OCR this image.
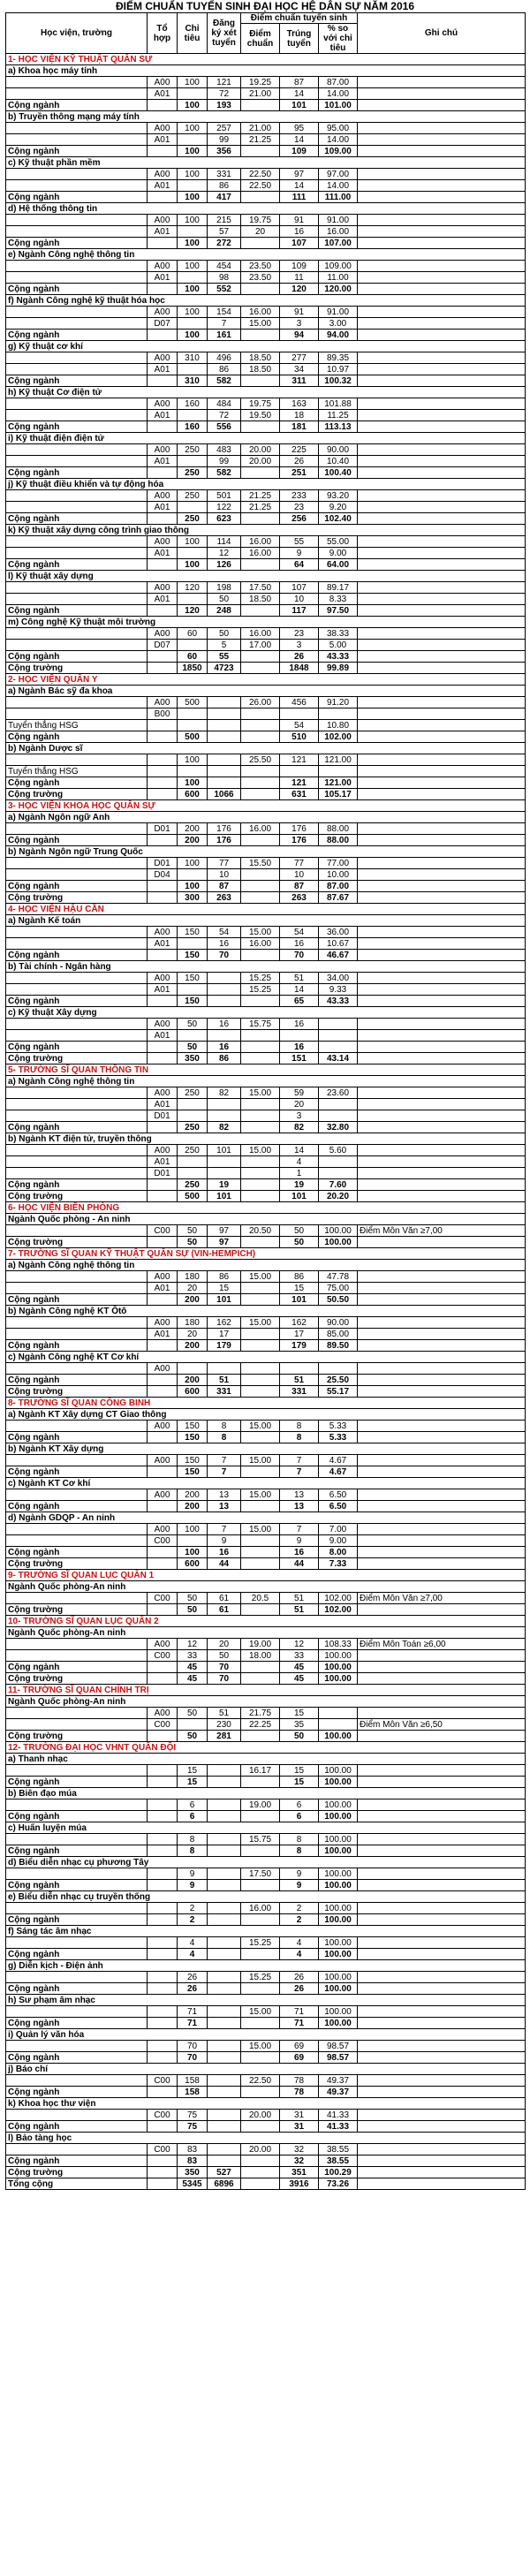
ĐIỂM CHUẨN TUYỂN SINH ĐẠI HỌC HỆ DÂN SỰ NĂM 2016
Học viện, trường	Tổ hợp	Chỉ tiêu	Đăng ký xét tuyển	Điểm chuẩn tuyển sinh			Ghi chú
				Điểm chuẩn	Trúng tuyển	% so với chỉ tiêu	
1- HỌC VIỆN KỸ THUẬT QUÂN SỰ							
a) Khoa học máy tính							
	A00	100	121	19.25	87	87.00	
	A01		72	21.00	14	14.00	
Cộng ngành		100	193		101	101.00	
b) Truyền thông mạng máy tính							
	A00	100	257	21.00	95	95.00	
	A01		99	21.25	14	14.00	
Cộng ngành		100	356		109	109.00	
c) Kỹ thuật phần mềm							
	A00	100	331	22.50	97	97.00	
	A01		86	22.50	14	14.00	
Cộng ngành		100	417		111	111.00	
d) Hệ thống thông tin							
	A00	100	215	19.75	91	91.00	
	A01		57	20	16	16.00	
Cộng ngành		100	272		107	107.00	
e) Ngành Công nghệ thông tin							
	A00	100	454	23.50	109	109.00	
	A01		98	23.50	11	11.00	
Cộng ngành		100	552		120	120.00	
f) Ngành Công nghệ kỹ thuật hóa học							
	A00	100	154	16.00	91	91.00	
	D07		7	15.00	3	3.00	
Cộng ngành		100	161		94	94.00	
g) Kỹ thuật cơ khí							
	A00	310	496	18.50	277	89.35	
	A01		86	18.50	34	10.97	
Cộng ngành		310	582		311	100.32	
h) Kỹ thuật Cơ điện tử							
	A00	160	484	19.75	163	101.88	
	A01		72	19.50	18	11.25	
Cộng ngành		160	556		181	113.13	
i) Kỹ thuật điện điện tử							
	A00	250	483	20.00	225	90.00	
	A01		99	20.00	26	10.40	
Cộng ngành		250	582		251	100.40	
j) Kỹ thuật điều khiển và tự động hóa							
	A00	250	501	21.25	233	93.20	
	A01		122	21.25	23	9.20	
Cộng ngành		250	623		256	102.40	
k) Kỹ thuật xây dựng công trình giao thông							
	A00	100	114	16.00	55	55.00	
	A01		12	16.00	9	9.00	
Cộng ngành		100	126		64	64.00	
l) Kỹ thuật xây dựng							
	A00	120	198	17.50	107	89.17	
	A01		50	18.50	10	8.33	
Cộng ngành		120	248		117	97.50	
m) Công nghệ Kỹ thuật môi trường							
	A00	60	50	16.00	23	38.33	
	D07		5	17.00	3	5.00	
Cộng ngành		60	55		26	43.33	
Cộng trường		1850	4723		1848	99.89	
2- HỌC VIỆN QUÂN Y							
a) Ngành Bác sỹ đa khoa							
	A00	500		26.00	456	91.20	
	B00						
Tuyển thẳng HSG					54	10.80	
Cộng ngành		500			510	102.00	
b) Ngành Dược sĩ							
		100		25.50	121	121.00	
Tuyển thẳng HSG							
Cộng ngành		100			121	121.00	
Cộng trường		600	1066		631	105.17	
3- HỌC VIỆN KHOA HỌC QUÂN SỰ							
a) Ngành Ngôn ngữ Anh							
	D01	200	176	16.00	176	88.00	
Cộng ngành		200	176		176	88.00	
b) Ngành Ngôn ngữ Trung Quốc							
	D01	100	77	15.50	77	77.00	
	D04		10		10	10.00	
Cộng ngành		100	87		87	87.00	
Cộng trường		300	263		263	87.67	
4- HỌC VIỆN HẬU CẦN							
a) Ngành Kế toán							
	A00	150	54	15.00	54	36.00	
	A01		16	16.00	16	10.67	
Cộng ngành		150	70		70	46.67	
b) Tài chính - Ngân hàng							
	A00	150		15.25	51	34.00	
	A01			15.25	14	9.33	
Cộng ngành		150			65	43.33	
c) Kỹ thuật Xây dựng							
	A00	50	16	15.75	16		
	A01						
Cộng ngành		50	16		16		
Cộng trường		350	86		151	43.14	
5- TRƯỜNG SĨ QUAN THÔNG TIN							
a) Ngành Công nghệ thông tin							
	A00	250	82	15.00	59	23.60	
	A01				20		
	D01				3		
Cộng ngành		250	82		82	32.80	
b) Ngành KT điện tử, truyền thông							
	A00	250	101	15.00	14	5.60	
	A01				4		
	D01				1		
Cộng ngành		250	19		19	7.60	
Cộng trường		500	101		101	20.20	
6- HỌC VIỆN BIÊN PHÒNG							
Ngành Quốc phòng - An ninh							
	C00	50	97	20.50	50	100.00	Điểm Môn Văn ≥7,00
Cộng trường		50	97		50	100.00	
7- TRƯỜNG SĨ QUAN KỸ THUẬT QUÂN SỰ (VIN-HEMPICH)							
a) Ngành Công nghệ thông tin							
	A00	180	86	15.00	86	47.78	
	A01	20	15		15	75.00	
Cộng ngành		200	101		101	50.50	
b) Ngành Công nghệ KT Ôtô							
	A00	180	162	15.00	162	90.00	
	A01	20	17		17	85.00	
Cộng ngành		200	179		179	89.50	
c) Ngành Công nghệ KT Cơ khí							
	A00						
Cộng ngành		200	51		51	25.50	
Cộng trường		600	331		331	55.17	
8- TRƯỜNG SĨ QUAN CÔNG BINH							
a) Ngành KT Xây dựng CT Giao thông							
	A00	150	8	15.00	8	5.33	
Cộng ngành		150	8		8	5.33	
b) Ngành KT Xây dựng							
	A00	150	7	15.00	7	4.67	
Cộng ngành		150	7		7	4.67	
c) Ngành KT Cơ khí							
	A00	200	13	15.00	13	6.50	
Cộng ngành		200	13		13	6.50	
d) Ngành GDQP - An ninh							
	A00	100	7	15.00	7	7.00	
	C00		9		9	9.00	
Cộng ngành		100	16		16	8.00	
Cộng trường		600	44		44	7.33	
9- TRƯỜNG SĨ QUAN LỤC QUÂN 1							
Ngành Quốc phòng-An ninh							
	C00	50	61	20.5	51	102.00	Điểm Môn Văn ≥7,00
Cộng trường		50	61		51	102.00	
10- TRƯỜNG SĨ QUAN LỤC QUÂN 2							
Ngành Quốc phòng-An ninh							
	A00	12	20	19.00	12	108.33	Điểm Môn Toán ≥6,00
	C00	33	50	18.00	33	100.00	
Cộng ngành		45	70		45	100.00	
Cộng trường		45	70		45	100.00	
11- TRƯỜNG SĨ QUAN CHÍNH TRỊ							
Ngành Quốc phòng-An ninh							
	A00	50	51	21.75	15		
	C00		230	22.25	35		Điểm Môn Văn ≥6,50
Cộng trường		50	281		50	100.00	
12- TRƯỜNG ĐẠI HỌC VHNT QUÂN ĐỘI							
a) Thanh nhạc							
		15		16.17	15	100.00	
Cộng ngành		15			15	100.00	
b) Biên đạo múa							
		6		19.00	6	100.00	
Cộng ngành		6			6	100.00	
c) Huấn luyện múa							
		8		15.75	8	100.00	
Cộng ngành		8			8	100.00	
d) Biểu diễn nhạc cụ phương Tây							
		9		17.50	9	100.00	
Cộng ngành		9			9	100.00	
e) Biểu diễn nhạc cụ truyền thống							
		2		16.00	2	100.00	
Cộng ngành		2			2	100.00	
f) Sáng tác âm nhạc							
		4		15.25	4	100.00	
Cộng ngành		4			4	100.00	
g) Diễn kịch - Điện ảnh							
		26		15.25	26	100.00	
Cộng ngành		26			26	100.00	
h) Sư phạm âm nhạc							
		71		15.00	71	100.00	
Cộng ngành		71			71	100.00	
i) Quản lý văn hóa							
		70		15.00	69	98.57	
Cộng ngành		70			69	98.57	
j) Báo chí							
	C00	158		22.50	78	49.37	
Cộng ngành		158			78	49.37	
k) Khoa học thư viện							
	C00	75		20.00	31	41.33	
Cộng ngành		75			31	41.33	
l) Bảo tàng học							
	C00	83		20.00	32	38.55	
Cộng ngành		83			32	38.55	
Cộng trường		350	527		351	100.29	
Tổng cộng		5345	6896		3916	73.26	
